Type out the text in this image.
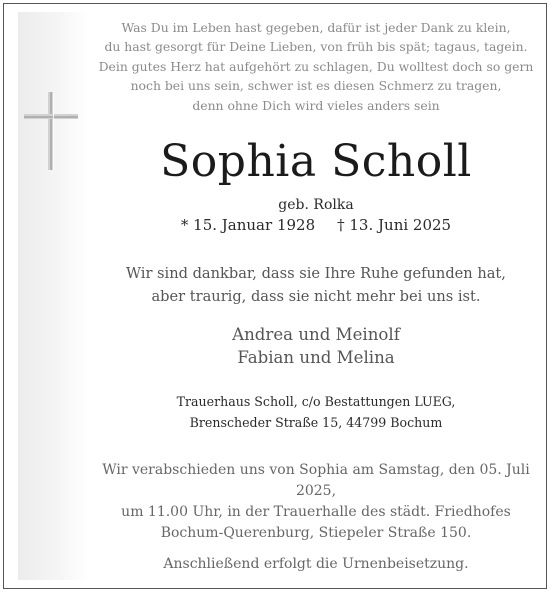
Was Du im Leben hast gegeben, dafür ist jeder Dank zu klein,
du hast gesorgt für Deine Lieben, von früh bis spät; tagaus, tagein.
Dein gutes Herz hat aufgehört zu schlagen, Du wolltest doch so gern
noch bei uns sein, schwer ist es diesen Schmerz zu tragen,
denn ohne Dich wird vieles anders sein
Sophia Scholl
geb. Rolka
* 15. Januar 1928 † 13. Juni 2025
Wir sind dankbar, dass sie Ihre Ruhe gefunden hat,
aber traurig, dass sie nicht mehr bei uns ist.
Andrea und Meinolf
Fabian und Melina
Trauerhaus Scholl, c/o Bestattungen LUEG,
Brenscheder Straße 15, 44799 Bochum
Wir verabschieden uns von Sophia am Samstag, den 05. Juli 2025,
um 11.00 Uhr, in der Trauerhalle des städt. Friedhofes
Bochum-Querenburg, Stiepeler Straße 150.
Anschließend erfolgt die Urnenbeisetzung.
